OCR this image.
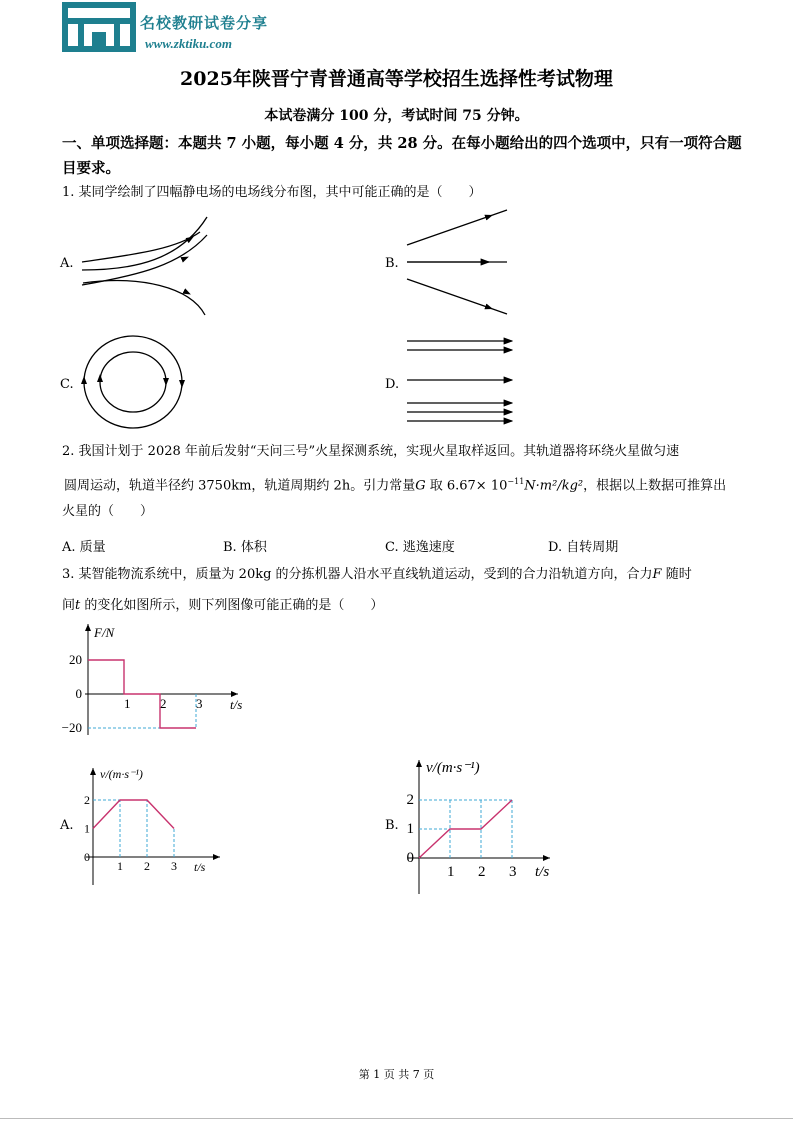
名校教研试卷分享
www.zktiku.com
2025年陕晋宁青普通高等学校招生选择性考试物理
本试卷满分 100 分，考试时间 75 分钟。
一、单项选择题：本题共 7 小题，每小题 4 分，共 28 分。在每小题给出的四个选项中，只有一项符合题目要求。
1. 某同学绘制了四幅静电场的电场线分布图，其中可能正确的是（　　）
A.	B.
C.	D.
2. 我国计划于 2028 年前后发射“天问三号”火星探测系统，实现火星取样返回。其轨道器将环绕火星做匀速
圆周运动，轨道半径约 3750km，轨道周期约 2h。引力常量G 取 $6.67\times 10^{-11}N\cdot m^2$/kg²，根据以上数据可推算出
火星的（　　）
A. 质量	B. 体积	C. 逃逸速度	D. 自转周期
3. 某智能物流系统中，质量为 20kg 的分拣机器人沿水平直线轨道运动，受到的合力沿轨道方向，合力F 随时
间t 的变化如图所示，则下列图像可能正确的是（　　）
F/N
t/s
1 2 3
20
0
−20
A.
v/(m·s⁻¹)
t/s
1 2 3
2
1
0
B.
v/(m·s⁻¹)
t/s
1 2 3
2
1
0
第 1 页 共 7 页
